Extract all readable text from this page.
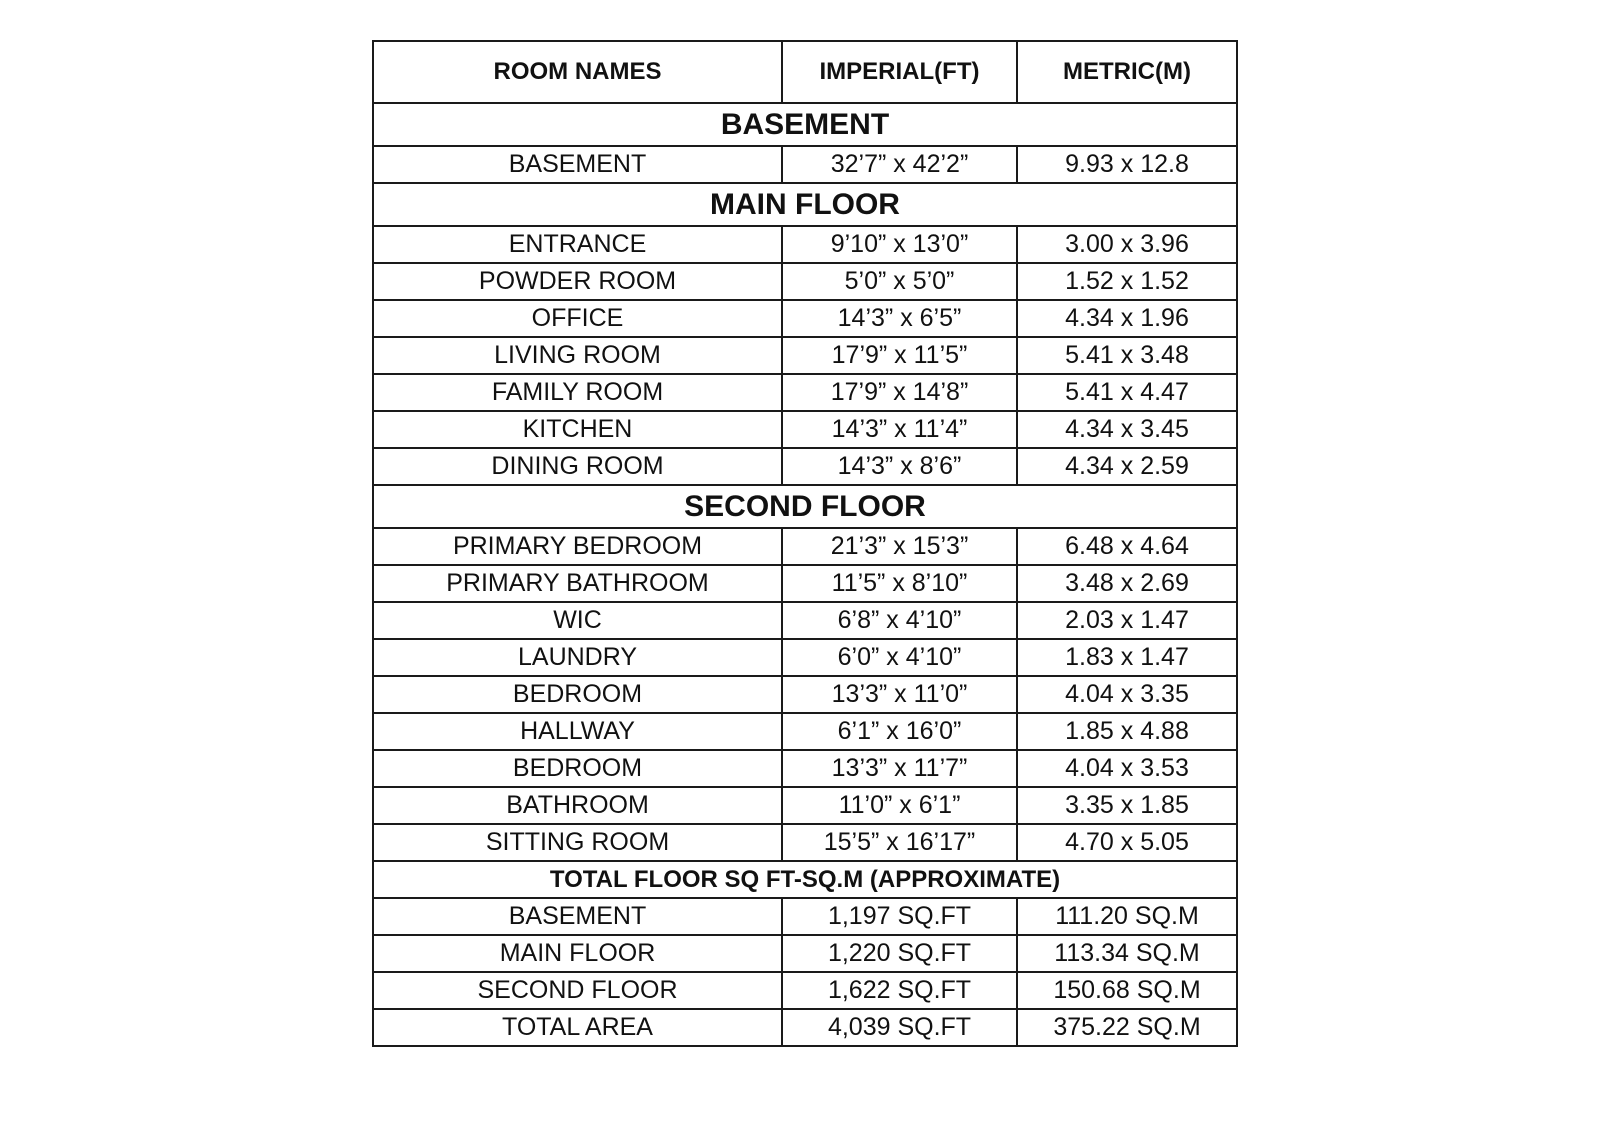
ROOM NAMES	IMPERIAL(FT)	METRIC(M)
BASEMENT		
BASEMENT	32’7” x 42’2”	9.93 x 12.8
MAIN FLOOR		
ENTRANCE	9’10” x 13’0”	3.00 x 3.96
POWDER ROOM	5’0” x 5’0”	1.52 x 1.52
OFFICE	14’3” x 6’5”	4.34 x 1.96
LIVING ROOM	17’9” x 11’5”	5.41 x 3.48
FAMILY ROOM	17’9” x 14’8”	5.41 x 4.47
KITCHEN	14’3” x 11’4”	4.34 x 3.45
DINING ROOM	14’3” x 8’6”	4.34 x 2.59
SECOND FLOOR		
PRIMARY BEDROOM	21’3” x 15’3”	6.48 x 4.64
PRIMARY BATHROOM	11’5” x 8’10”	3.48 x 2.69
WIC	6’8” x 4’10”	2.03 x 1.47
LAUNDRY	6’0” x 4’10”	1.83 x 1.47
BEDROOM	13’3” x 11’0”	4.04 x 3.35
HALLWAY	6’1” x 16’0”	1.85 x 4.88
BEDROOM	13’3” x 11’7”	4.04 x 3.53
BATHROOM	11’0” x 6’1”	3.35 x 1.85
SITTING ROOM	15’5” x 16’17”	4.70 x 5.05
TOTAL FLOOR SQ FT-SQ.M (APPROXIMATE)		
BASEMENT	1,197 SQ.FT	111.20 SQ.M
MAIN FLOOR	1,220 SQ.FT	113.34 SQ.M
SECOND FLOOR	1,622 SQ.FT	150.68 SQ.M
TOTAL AREA	4,039 SQ.FT	375.22 SQ.M
